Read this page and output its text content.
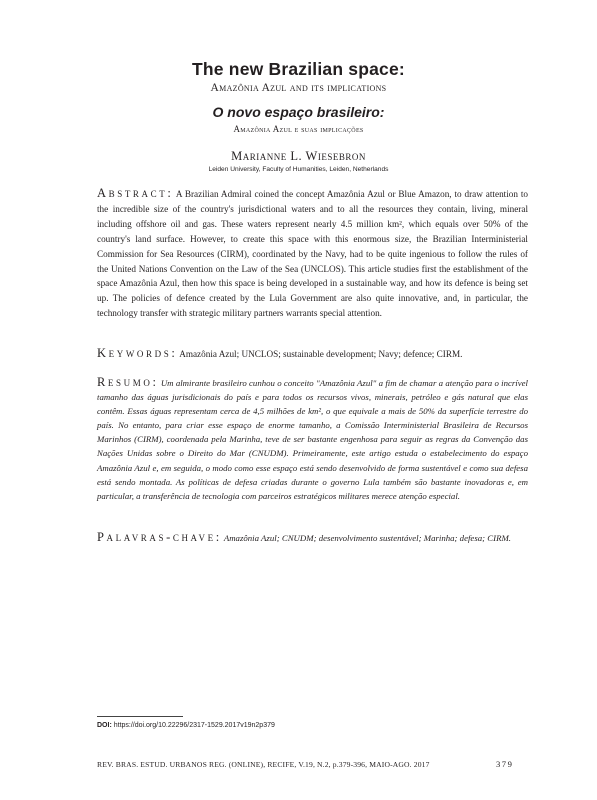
The new Brazilian space:
Amazônia Azul and its implications
O novo espaço brasileiro:
Amazônia Azul e suas implicações
Marianne L. Wiesebron
Leiden University, Faculty of Humanities, Leiden, Netherlands
Abstract: A Brazilian Admiral coined the concept Amazônia Azul or Blue Amazon, to draw attention to the incredible size of the country's jurisdictional waters and to all the resources they contain, living, mineral including offshore oil and gas. These waters represent nearly 4.5 million km², which equals over 50% of the country's land surface. However, to create this space with this enormous size, the Brazilian Interministerial Commission for Sea Resources (CIRM), coordinated by the Navy, had to be quite ingenious to follow the rules of the United Nations Convention on the Law of the Sea (UNCLOS). This article studies first the establishment of the space Amazônia Azul, then how this space is being developed in a sustainable way, and how its defence is being set up. The policies of defence created by the Lula Government are also quite innovative, and, in particular, the technology transfer with strategic military partners warrants special attention.
Keywords: Amazônia Azul; UNCLOS; sustainable development; Navy; defence; CIRM.
Resumo: Um almirante brasileiro cunhou o conceito "Amazônia Azul" a fim de chamar a atenção para o incrível tamanho das águas jurisdicionais do país e para todos os recursos vivos, minerais, petróleo e gás natural que elas contêm. Essas águas representam cerca de 4,5 milhões de km², o que equivale a mais de 50% da superfície terrestre do país. No entanto, para criar esse espaço de enorme tamanho, a Comissão Interministerial Brasileira de Recursos Marinhos (CIRM), coordenada pela Marinha, teve de ser bastante engenhosa para seguir as regras da Convenção das Nações Unidas sobre o Direito do Mar (CNUDM). Primeiramente, este artigo estuda o estabelecimento do espaço Amazônia Azul e, em seguida, o modo como esse espaço está sendo desenvolvido de forma sustentável e como sua defesa está sendo montada. As políticas de defesa criadas durante o governo Lula também são bastante inovadoras e, em particular, a transferência de tecnologia com parceiros estratégicos militares merece atenção especial.
Palavras-chave: Amazônia Azul; CNUDM; desenvolvimento sustentável; Marinha; defesa; CIRM.
DOI: https://doi.org/10.22296/2317-1529.2017v19n2p379
REV. BRAS. ESTUD. URBANOS REG. (ONLINE), RECIFE, V.19, N.2, p.379-396, MAIO-AGO. 2017	379
